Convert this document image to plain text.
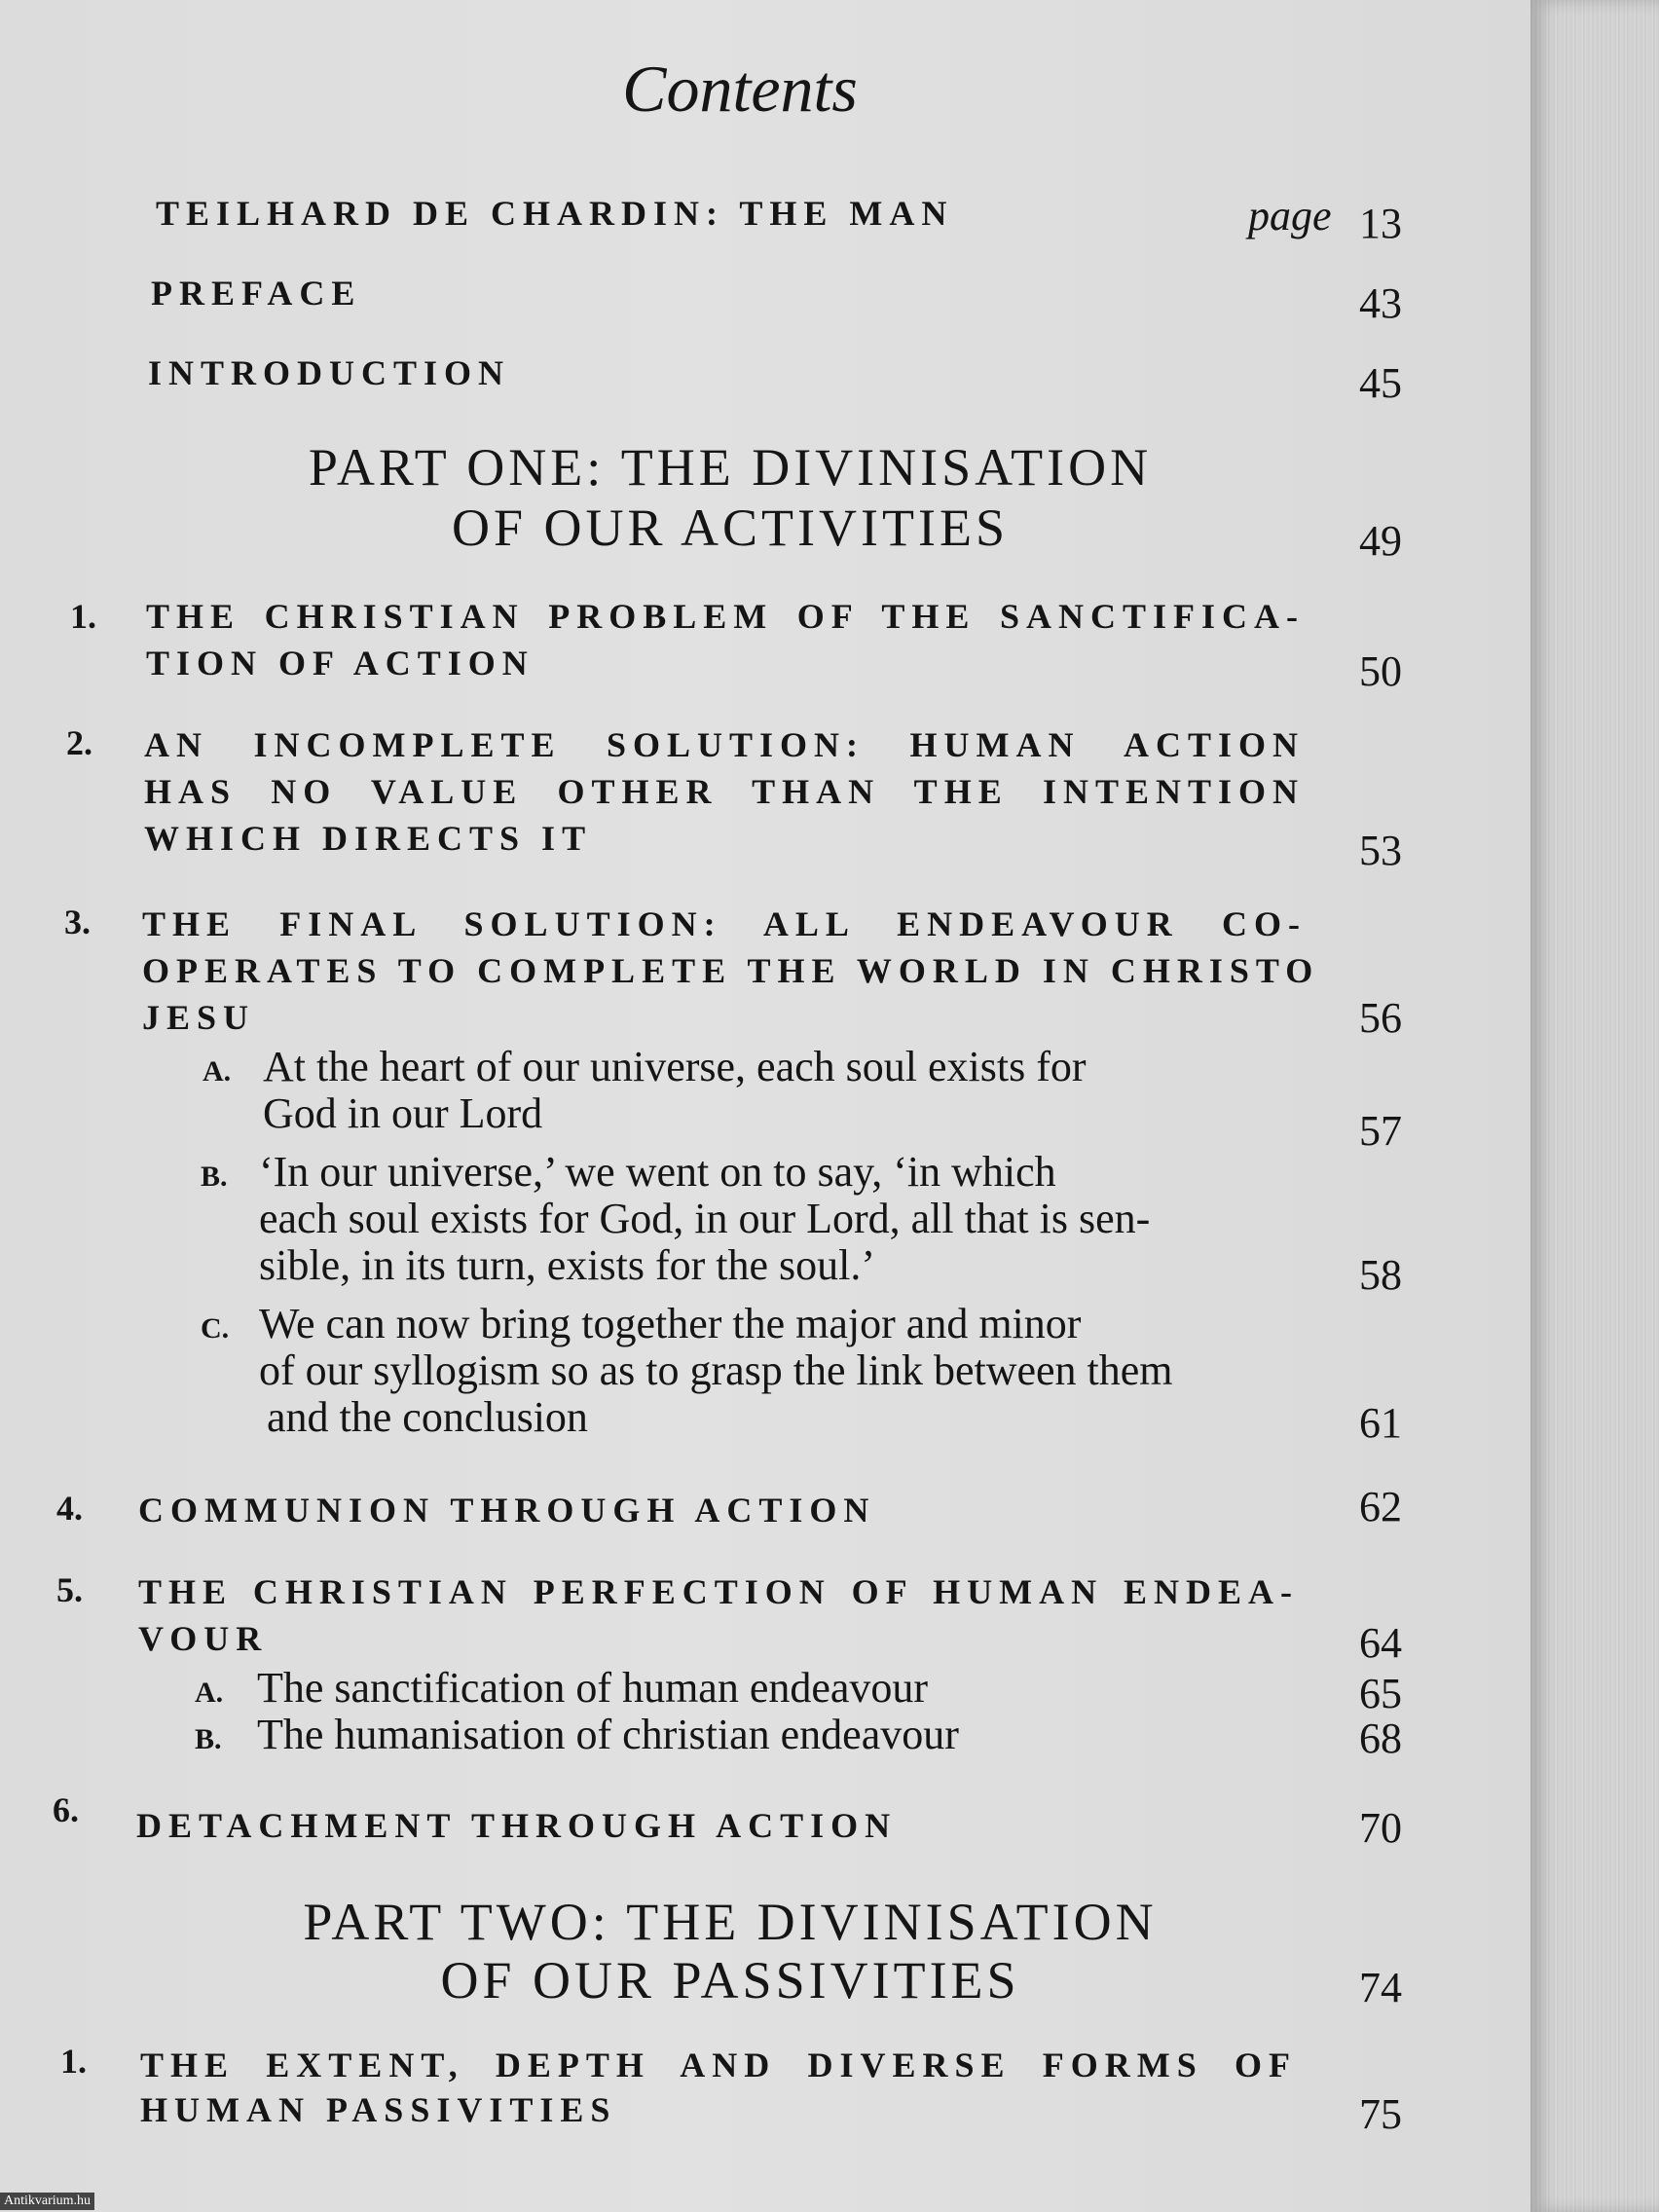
Contents
TEILHARD DE CHARDIN: THE MAN	page 13
PREFACE	43
INTRODUCTION	45
PART ONE: THE DIVINISATION
OF OUR ACTIVITIES	49
1. THE CHRISTIAN PROBLEM OF THE SANCTIFICA-
TION OF ACTION	50
2. AN INCOMPLETE SOLUTION: HUMAN ACTION
HAS NO VALUE OTHER THAN THE INTENTION
WHICH DIRECTS IT	53
3. THE FINAL SOLUTION: ALL ENDEAVOUR CO-
OPERATES TO COMPLETE THE WORLD IN CHRISTO
JESU	56
A. At the heart of our universe, each soul exists for
God in our Lord	57
B. ‘In our universe,’ we went on to say, ‘in which
each soul exists for God, in our Lord, all that is sen-
sible, in its turn, exists for the soul.’	58
C. We can now bring together the major and minor
of our syllogism so as to grasp the link between them
and the conclusion	61
4. COMMUNION THROUGH ACTION	62
5. THE CHRISTIAN PERFECTION OF HUMAN ENDEA-
VOUR	64
A. The sanctification of human endeavour	65
B. The humanisation of christian endeavour	68
6. DETACHMENT THROUGH ACTION	70
PART TWO: THE DIVINISATION
OF OUR PASSIVITIES	74
1. THE EXTENT, DEPTH AND DIVERSE FORMS OF
HUMAN PASSIVITIES	75
Antikvarium.hu
